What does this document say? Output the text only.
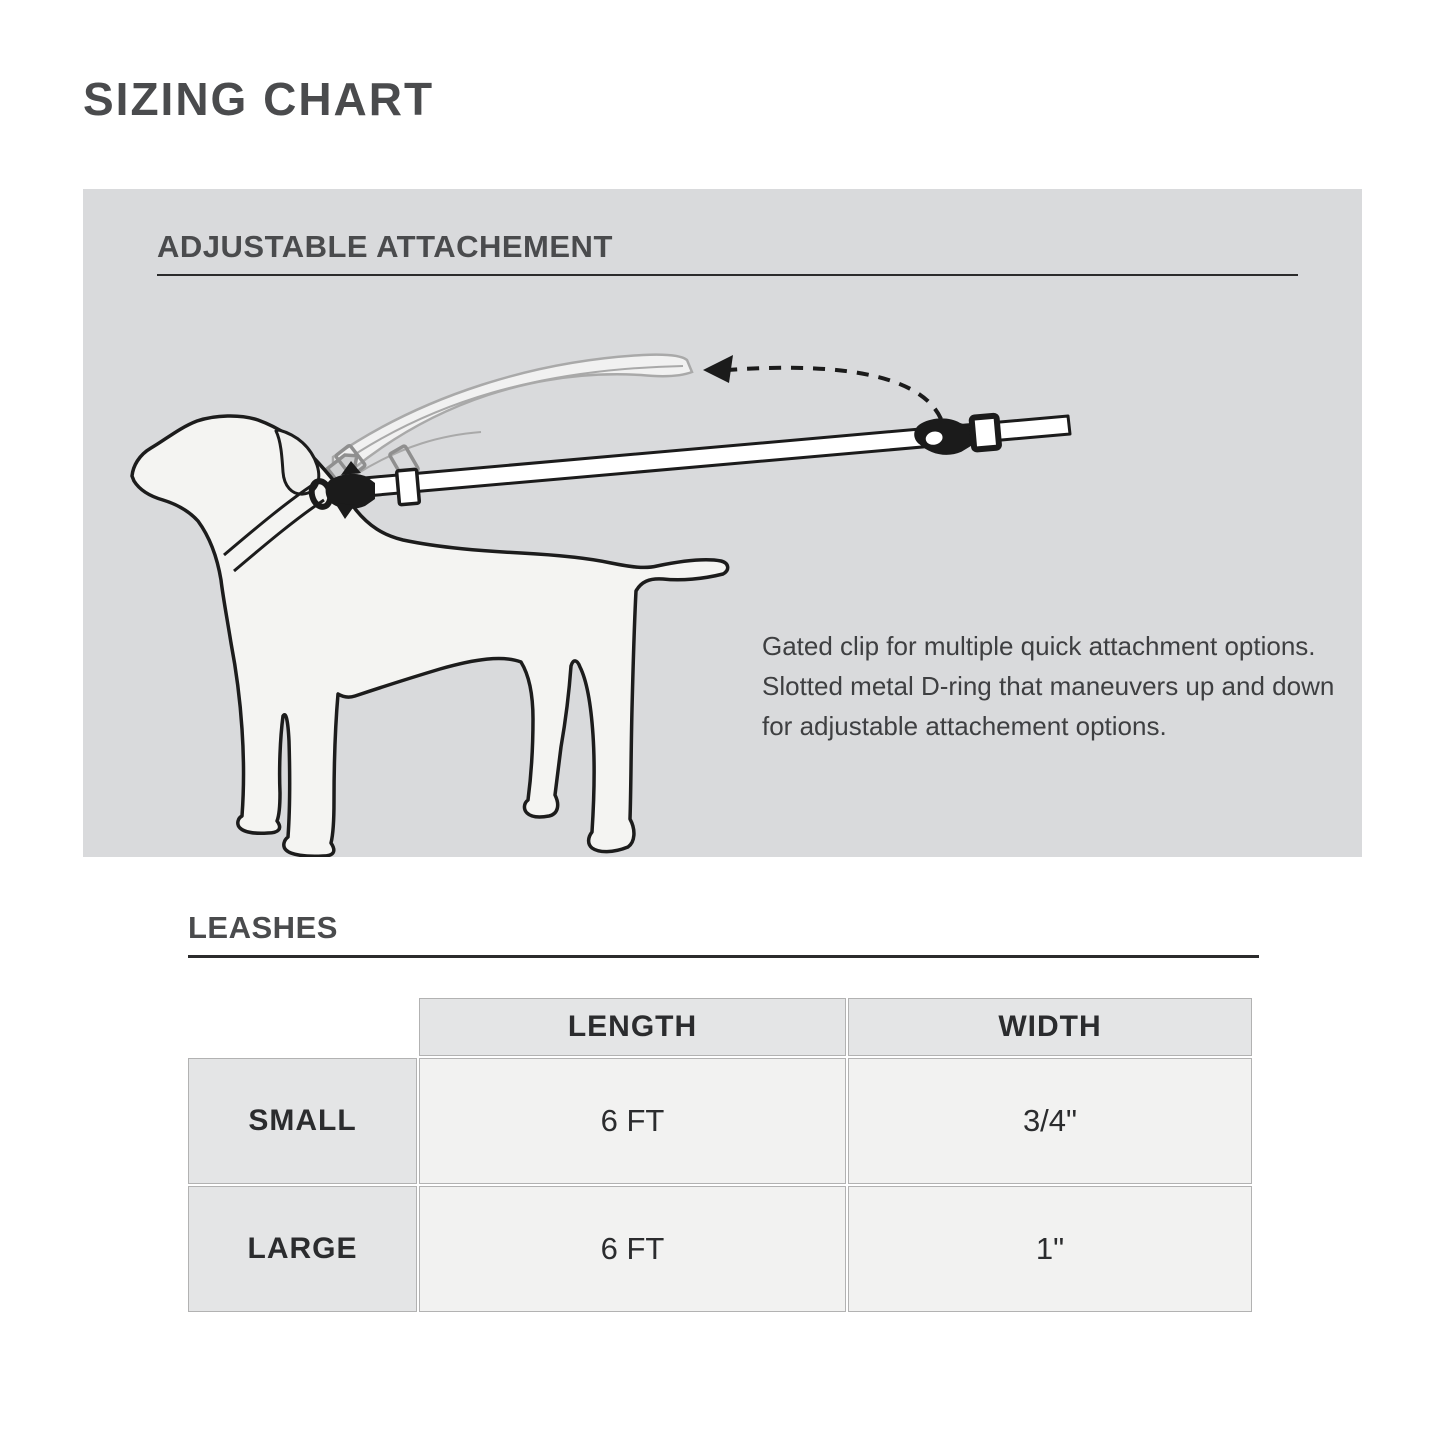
SIZING CHART
ADJUSTABLE ATTACHEMENT
Gated clip for multiple quick attachment options.
Slotted metal D-ring that maneuvers up and down
for adjustable attachement options.
LEASHES
	LENGTH	WIDTH
SMALL	6 FT	3/4"
LARGE	6 FT	1"
